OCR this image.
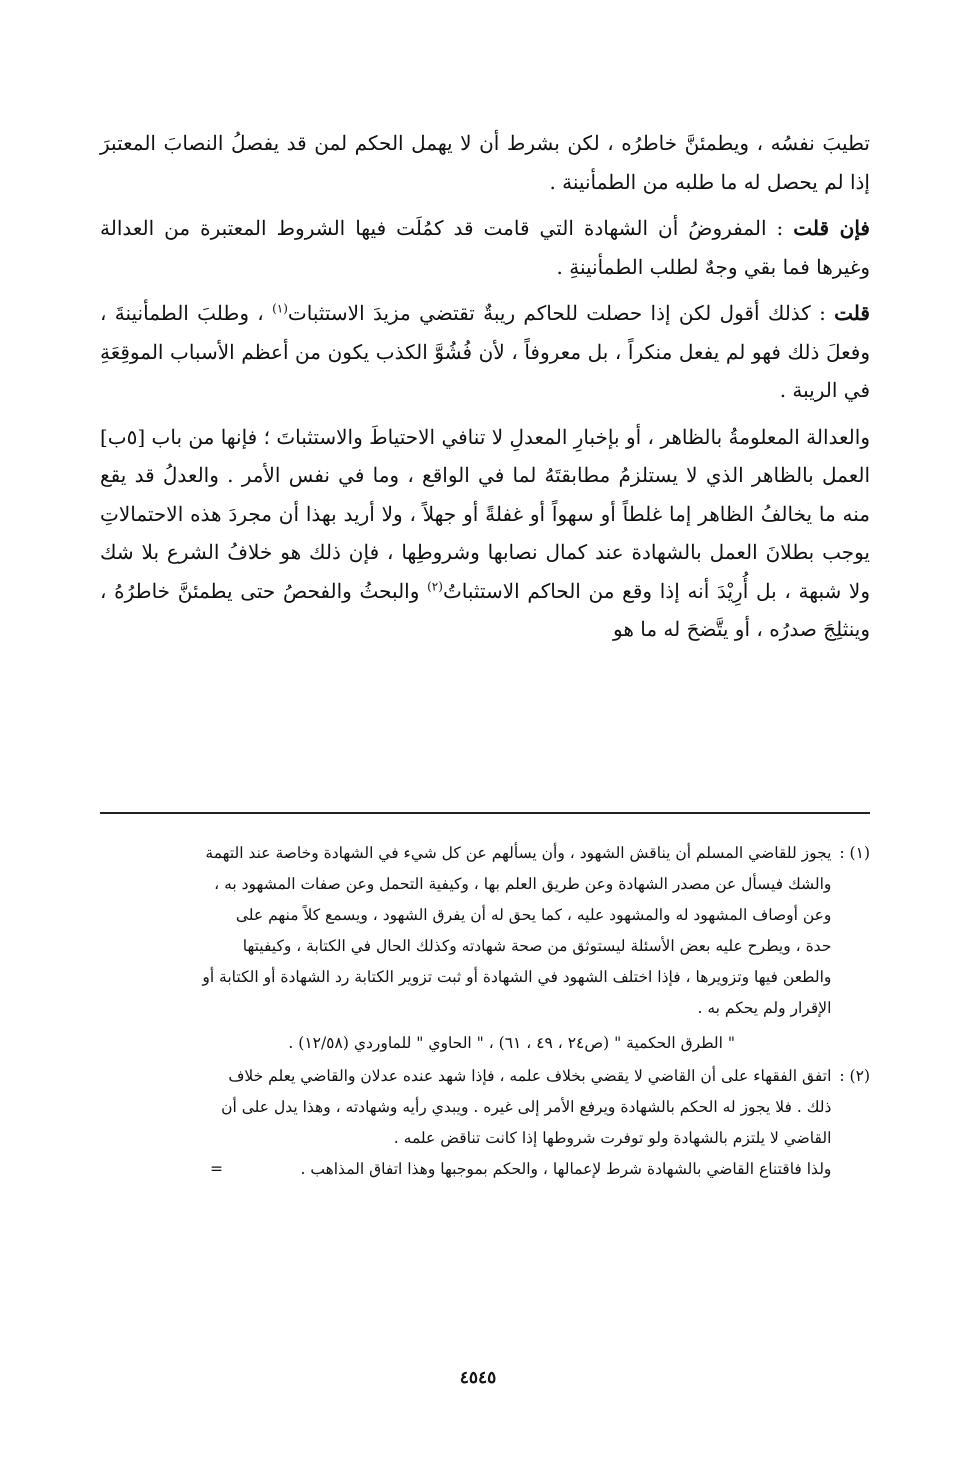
تطيبَ نفسُه ، ويطمئنَّ خاطرُه ، لكن بشرط أن لا يهمل الحكم لمن قد يفصلُ النصابَ المعتبرَ إذا لم يحصل له ما طلبه من الطمأنينة .

فإن قلت : المفروضُ أن الشهادة التي قامت قد كمُلَت فيها الشروط المعتبرة من العدالة وغيرها فما بقي وجهٌ لطلب الطمأنينةِ .

قلت : كذلك أقول لكن إذا حصلت للحاكم ريبةٌ تقتضي مزيدَ الاستثبات$^{(١)}$ ، وطلبَ الطمأنينةَ ، وفعلَ ذلك فهو لم يفعل منكراً ، بل معروفاً ، لأن فُشُوَّ الكذب يكون من أعظم الأسباب الموقِعَةِ في الريبة .

والعدالة المعلومةُ بالظاهر ، أو بإخبارِ المعدلِ لا تنافي الاحتياطَ والاستثباتَ ؛ فإنها من باب [٥ب] العمل بالظاهر الذي لا يستلزمُ مطابقتَهُ لما في الواقع ، وما في نفس الأمر . والعدلُ قد يقع منه ما يخالفُ الظاهر إما غلطاً أو سهواً أو غفلةً أو جهلاً ، ولا أريد بهذا أن مجردَ هذه الاحتمالاتِ يوجب بطلانَ العمل بالشهادة عند كمال نصابها وشروطِها ، فإن ذلك هو خلافُ الشرع بلا شك ولا شبهة ، بل أُرِيْدَ أنه إذا وقع من الحاكم الاستثباتُ$^{(٢)}$ والبحثُ والفحصُ حتى يطمئنَّ خاطرُهُ ، وينثلِجَ صدرُه ، أو يتَّضحَ له ما هو

(١) :
يجوز للقاضي المسلم أن يناقش الشهود ، وأن يسألهم عن كل شيء في الشهادة وخاصة عند التهمة
والشك فيسأل عن مصدر الشهادة وعن طريق العلم بها ، وكيفية التحمل وعن صفات المشهود به ،
وعن أوصاف المشهود له والمشهود عليه ، كما يحق له أن يفرق الشهود ، ويسمع كلاً منهم على
حدة ، ويطرح عليه بعض الأسئلة ليستوثق من صحة شهادته وكذلك الحال في الكتابة ، وكيفيتها
والطعن فيها وتزويرها ، فإذا اختلف الشهود في الشهادة أو ثبت تزوير الكتابة رد الشهادة أو الكتابة أو
الإقرار ولم يحكم به .
" الطرق الحكمية " (ص٢٤ ، ٤٩ ، ٦١) ، " الحاوي " للماوردي (١٢/٥٨) .
(٢) :
اتفق الفقهاء على أن القاضي لا يقضي بخلاف علمه ، فإذا شهد عنده عدلان والقاضي يعلم خلاف
ذلك . فلا يجوز له الحكم بالشهادة ويرفع الأمر إلى غيره . ويبدي رأيه وشهادته ، وهذا يدل على أن
القاضي لا يلتزم بالشهادة ولو توفرت شروطها إذا كانت تناقض علمه .
ولذا فاقتناع القاضي بالشهادة شرط لإعمالها ، والحكم بموجبها وهذا اتفاق المذاهب .
=
٤٥٤٥
